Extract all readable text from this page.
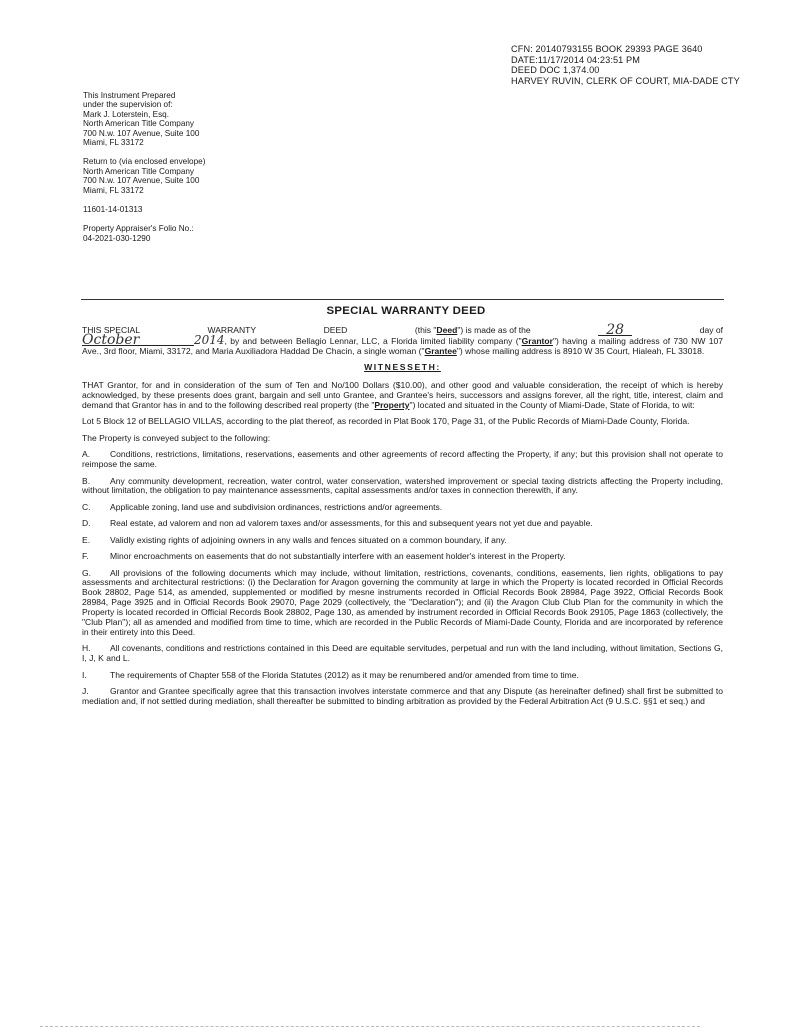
CFN: 20140793155 BOOK 29393 PAGE 3640
DATE:11/17/2014 04:23:51 PM
DEED DOC 1,374.00
HARVEY RUVIN, CLERK OF COURT, MIA-DADE CTY
This Instrument Prepared
under the supervision of:
Mark J. Loterstein, Esq.
North American Title Company
700 N.w. 107 Avenue, Suite 100
Miami, FL 33172
Return to (via enclosed envelope)
North American Title Company
700 N.w. 107 Avenue, Suite 100
Miami, FL 33172
11601-14-01313
Property Appraiser's Folio No.:
04-2021-030-1290
SPECIAL WARRANTY DEED

THIS SPECIAL	WARRANTY	DEED	(this "Deed") is made as of the	28	day of
October	2014, by and between Bellagio Lennar, LLC, a Florida limited liability company ("Grantor") having a mailing address of 730 NW 107 Ave., 3rd floor, Miami, 33172, and Maria Auxiliadora Haddad De Chacin, a single woman ("Grantee") whose mailing address is 8910 W 35 Court, Hialeah, FL 33018.

WITNESSETH:

THAT Grantor, for and in consideration of the sum of Ten and No/100 Dollars ($10.00), and other good and valuable consideration, the receipt of which is hereby acknowledged, by these presents does grant, bargain and sell unto Grantee, and Grantee's heirs, successors and assigns forever, all the right, title, interest, claim and demand that Grantor has in and to the following described real property (the "Property") located and situated in the County of Miami-Dade, State of Florida, to wit:

Lot 5 Block 12 of BELLAGIO VILLAS, according to the plat thereof, as recorded in Plat Book 170, Page 31, of the Public Records of Miami-Dade County, Florida.

The Property is conveyed subject to the following:

A. Conditions, restrictions, limitations, reservations, easements and other agreements of record affecting the Property, if any; but this provision shall not operate to reimpose the same.

B. Any community development, recreation, water control, water conservation, watershed improvement or special taxing districts affecting the Property including, without limitation, the obligation to pay maintenance assessments, capital assessments and/or taxes in connection therewith, if any.

C. Applicable zoning, land use and subdivision ordinances, restrictions and/or agreements.

D. Real estate, ad valorem and non ad valorem taxes and/or assessments, for this and subsequent years not yet due and payable.

E. Validly existing rights of adjoining owners in any walls and fences situated on a common boundary, if any.

F. Minor encroachments on easements that do not substantially interfere with an easement holder's interest in the Property.

G. All provisions of the following documents which may include, without limitation, restrictions, covenants, conditions, easements, lien rights, obligations to pay assessments and architectural restrictions: (i) the Declaration for Aragon governing the community at large in which the Property is located recorded in Official Records Book 28802, Page 514, as amended, supplemented or modified by mesne instruments recorded in Official Records Book 28984, Page 3922, Official Records Book 28984, Page 3925 and in Official Records Book 29070, Page 2029 (collectively, the "Declaration"); and (ii) the Aragon Club Club Plan for the community in which the Property is located recorded in Official Records Book 28802, Page 130, as amended by instrument recorded in Official Records Book 29105, Page 1863 (collectively, the "Club Plan"); all as amended and modified from time to time, which are recorded in the Public Records of Miami-Dade County, Florida and are incorporated by reference in their entirety into this Deed.

H. All covenants, conditions and restrictions contained in this Deed are equitable servitudes, perpetual and run with the land including, without limitation, Sections G, I, J, K and L.

I.	The requirements of Chapter 558 of the Florida Statutes (2012) as it may be renumbered and/or amended from time to time.

J. Grantor and Grantee specifically agree that this transaction involves interstate commerce and that any Dispute (as hereinafter defined) shall first be submitted to mediation and, if not settled during mediation, shall thereafter be submitted to binding arbitration as provided by the Federal Arbitration Act (9 U.S.C. §§1 et seq.) and
